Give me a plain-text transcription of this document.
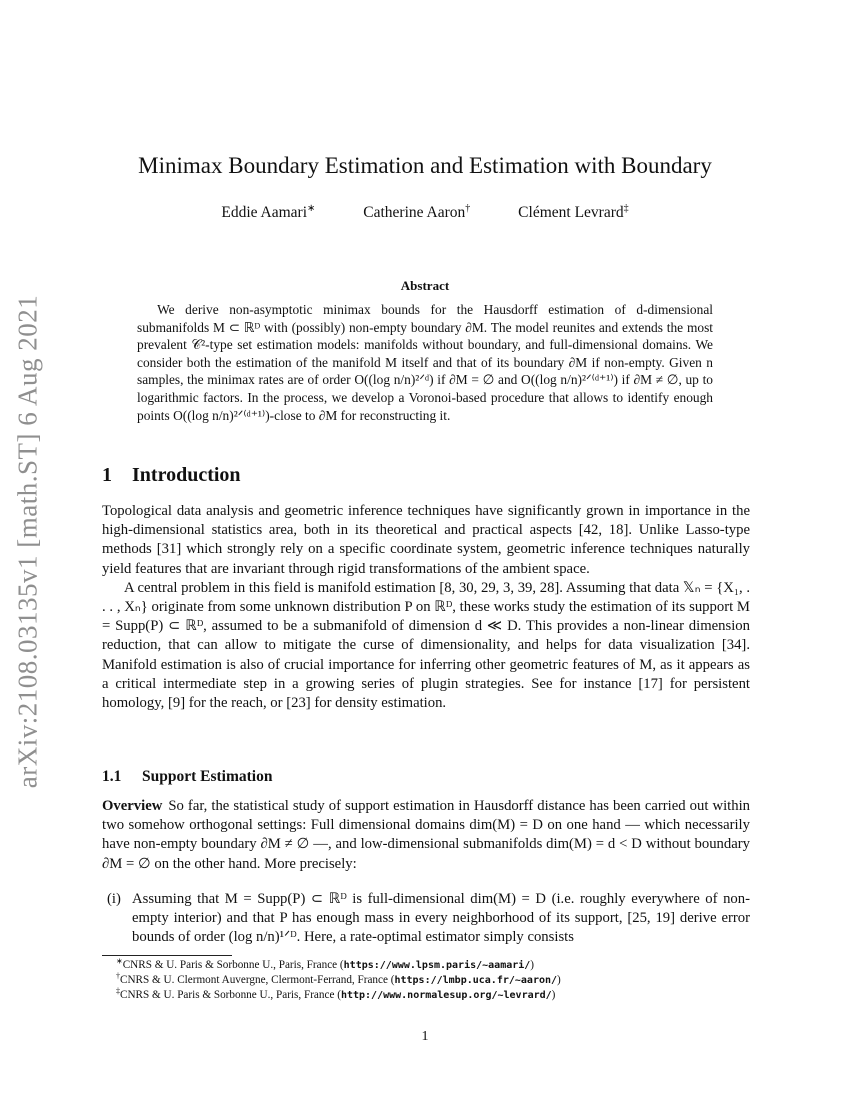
arXiv:2108.03135v1 [math.ST] 6 Aug 2021
Minimax Boundary Estimation and Estimation with Boundary
Eddie Aamari∗	Catherine Aaron†	Clément Levrard‡
Abstract

We derive non-asymptotic minimax bounds for the Hausdorff estimation of d-dimensional submanifolds M ⊂ ℝᴰ with (possibly) non-empty boundary ∂M. The model reunites and extends the most prevalent 𝒞²-type set estimation models: manifolds without boundary, and full-dimensional domains. We consider both the estimation of the manifold M itself and that of its boundary ∂M if non-empty. Given n samples, the minimax rates are of order O((log n/n)²ᐟᵈ) if ∂M = ∅ and O((log n/n)²ᐟ⁽ᵈ⁺¹⁾) if ∂M ≠ ∅, up to logarithmic factors. In the process, we develop a Voronoi-based procedure that allows to identify enough points O((log n/n)²ᐟ⁽ᵈ⁺¹⁾)-close to ∂M for reconstructing it.

1 Introduction

Topological data analysis and geometric inference techniques have significantly grown in importance in the high-dimensional statistics area, both in its theoretical and practical aspects [42, 18]. Unlike Lasso-type methods [31] which strongly rely on a specific coordinate system, geometric inference techniques naturally yield features that are invariant through rigid transformations of the ambient space.

A central problem in this field is manifold estimation [8, 30, 29, 3, 39, 28]. Assuming that data 𝕏ₙ = {X₁, . . . , Xₙ} originate from some unknown distribution P on ℝᴰ, these works study the estimation of its support M = Supp(P) ⊂ ℝᴰ, assumed to be a submanifold of dimension d ≪ D. This provides a non-linear dimension reduction, that can allow to mitigate the curse of dimensionality, and helps for data visualization [34]. Manifold estimation is also of crucial importance for inferring other geometric features of M, as it appears as a critical intermediate step in a growing series of plugin strategies. See for instance [17] for persistent homology, [9] for the reach, or [23] for density estimation.

1.1 Support Estimation

Overview So far, the statistical study of support estimation in Hausdorff distance has been carried out within two somehow orthogonal settings: Full dimensional domains dim(M) = D on one hand — which necessarily have non-empty boundary ∂M ≠ ∅ —, and low-dimensional submanifolds dim(M) = d < D without boundary ∂M = ∅ on the other hand. More precisely:

(i) Assuming that M = Supp(P) ⊂ ℝᴰ is full-dimensional dim(M) = D (i.e. roughly everywhere of non-empty interior) and that P has enough mass in every neighborhood of its support, [25, 19] derive error bounds of order (log n/n)¹ᐟᴰ. Here, a rate-optimal estimator simply consists
∗CNRS & U. Paris & Sorbonne U., Paris, France (https://www.lpsm.paris/~aamari/)
†CNRS & U. Clermont Auvergne, Clermont-Ferrand, France (https://lmbp.uca.fr/~aaron/)
‡CNRS & U. Paris & Sorbonne U., Paris, France (http://www.normalesup.org/~levrard/)
1
